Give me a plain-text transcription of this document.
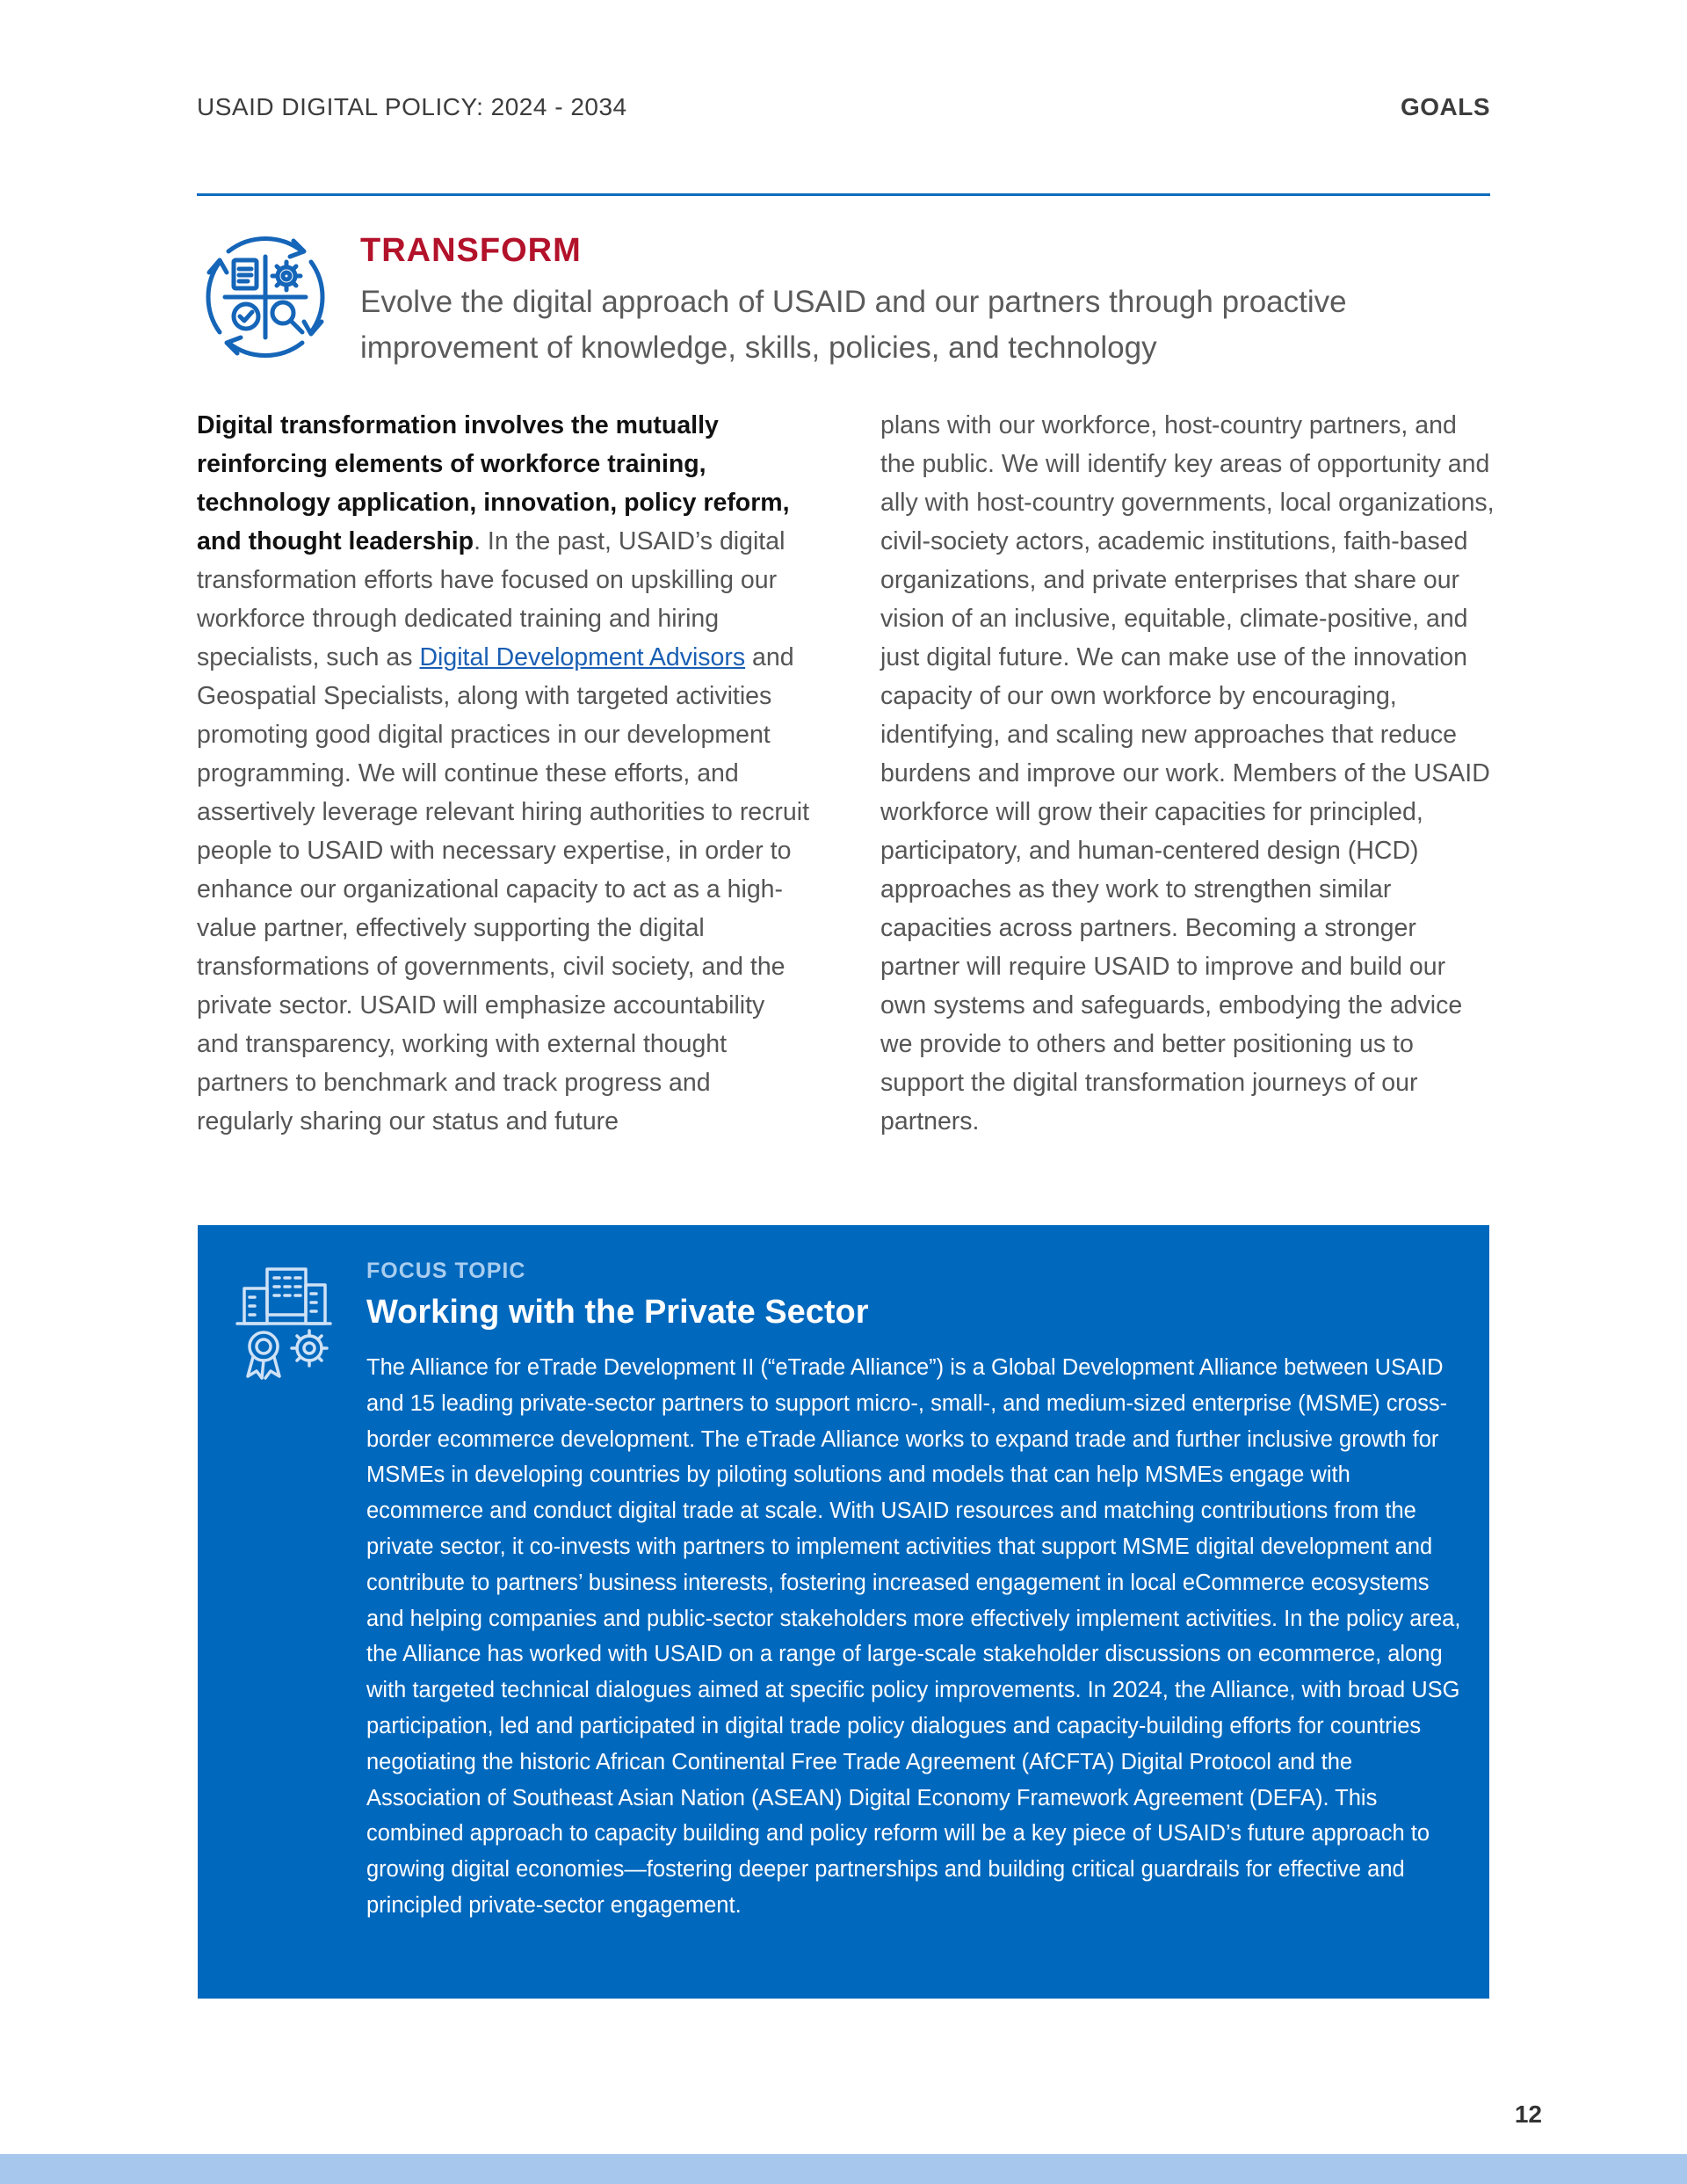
USAID DIGITAL POLICY: 2024 - 2034	GOALS
TRANSFORM
Evolve the digital approach of USAID and our partners through proactive improvement of knowledge, skills, policies, and technology

Digital transformation involves the mutually reinforcing elements of workforce training, technology application, innovation, policy reform, and thought leadership. In the past, USAID’s digital transformation efforts have focused on upskilling our workforce through dedicated training and hiring specialists, such as Digital Development Advisors and Geospatial Specialists, along with targeted activities promoting good digital practices in our development programming. We will continue these efforts, and assertively leverage relevant hiring authorities to recruit people to USAID with necessary expertise, in order to enhance our organizational capacity to act as a high-value partner, effectively supporting the digital transformations of governments, civil society, and the private sector. USAID will emphasize accountability and transparency, working with external thought partners to benchmark and track progress and regularly sharing our status and future

plans with our workforce, host-country partners, and the public. We will identify key areas of opportunity and ally with host-country governments, local organizations, civil-society actors, academic institutions, faith-based organizations, and private enterprises that share our vision of an inclusive, equitable, climate-positive, and just digital future. We can make use of the innovation capacity of our own workforce by encouraging, identifying, and scaling new approaches that reduce burdens and improve our work. Members of the USAID workforce will grow their capacities for principled, participatory, and human-centered design (HCD) approaches as they work to strengthen similar capacities across partners. Becoming a stronger partner will require USAID to improve and build our own systems and safeguards, embodying the advice we provide to others and better positioning us to support the digital transformation journeys of our partners.

FOCUS TOPIC
Working with the Private Sector
The Alliance for eTrade Development II (“eTrade Alliance”) is a Global Development Alliance between USAID and 15 leading private-sector partners to support micro-, small-, and medium-sized enterprise (MSME) cross-border ecommerce development. The eTrade Alliance works to expand trade and further inclusive growth for MSMEs in developing countries by piloting solutions and models that can help MSMEs engage with ecommerce and conduct digital trade at scale. With USAID resources and matching contributions from the private sector, it co-invests with partners to implement activities that support MSME digital development and contribute to partners’ business interests, fostering increased engagement in local eCommerce ecosystems and helping companies and public-sector stakeholders more effectively implement activities. In the policy area, the Alliance has worked with USAID on a range of large-scale stakeholder discussions on ecommerce, along with targeted technical dialogues aimed at specific policy improvements. In 2024, the Alliance, with broad USG participation, led and participated in digital trade policy dialogues and capacity-building efforts for countries negotiating the historic African Continental Free Trade Agreement (AfCFTA) Digital Protocol and the Association of Southeast Asian Nation (ASEAN) Digital Economy Framework Agreement (DEFA). This combined approach to capacity building and policy reform will be a key piece of USAID’s future approach to growing digital economies—fostering deeper partnerships and building critical guardrails for effective and principled private-sector engagement.
12
